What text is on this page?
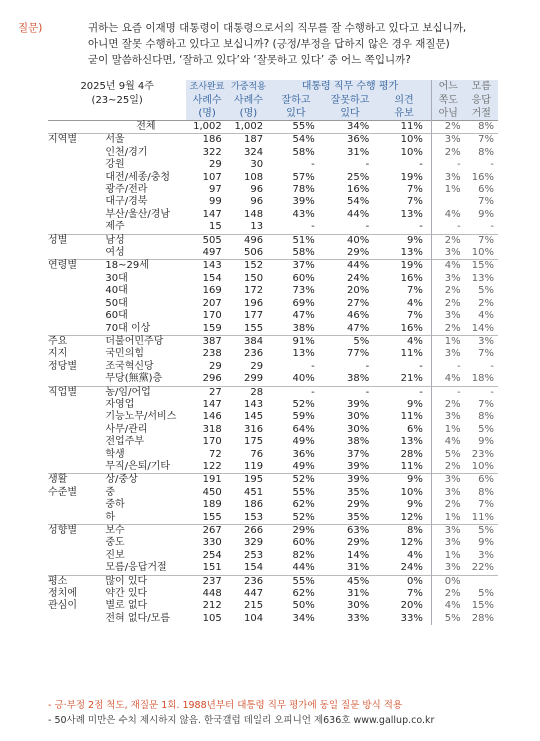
질문)	귀하는 요즘 이재명 대통령이 대통령으로서의 직무를 잘 수행하고 있다고 보십니까,
아니면 잘못 수행하고 있다고 보십니까? (긍정/부정을 답하지 않은 경우 재질문)
굳이 말씀하신다면, ‘잘하고 있다’와 ‘잘못하고 있다’ 중 어느 쪽입니까?
2025년 9월 4주		조사완료	가중적용	대통령 직무 수행 평가			어느	모름
(23~25일)		사례수	사례수	잘하고	잘못하고	의견	쪽도	응답
		(명)	(명)	있다	있다	유보	아님	거절
	전체	1,002	1,002	55%	34%	11%	2%	8%
지역별	서울	186	187	54%	36%	10%	3%	7%
	인천/경기	322	324	58%	31%	10%	2%	8%
	강원	29	30	-	-	-	-	-
	대전/세종/충청	107	108	57%	25%	19%	3%	16%
	광주/전라	97	96	78%	16%	7%	1%	6%
	대구/경북	99	96	39%	54%	7%		7%
	부산/울산/경남	147	148	43%	44%	13%	4%	9%
	제주	15	13	-	-	-	-	-
성별	남성	505	496	51%	40%	9%	2%	7%
	여성	497	506	58%	29%	13%	3%	10%
연령별	18~29세	143	152	37%	44%	19%	4%	15%
	30대	154	150	60%	24%	16%	3%	13%
	40대	169	172	73%	20%	7%	2%	5%
	50대	207	196	69%	27%	4%	2%	2%
	60대	170	177	47%	46%	7%	3%	4%
	70대 이상	159	155	38%	47%	16%	2%	14%
주요	더불어민주당	387	384	91%	5%	4%	1%	3%
지지	국민의힘	238	236	13%	77%	11%	3%	7%
정당별	조국혁신당	29	29	-	-	-	-	-
	무당(無黨)층	296	299	40%	38%	21%	4%	18%
직업별	농/임/어업	27	28	-	-	-	-	-
	자영업	147	143	52%	39%	9%	2%	7%
	기능노무/서비스	146	145	59%	30%	11%	3%	8%
	사무/관리	318	316	64%	30%	6%	1%	5%
	전업주부	170	175	49%	38%	13%	4%	9%
	학생	72	76	36%	37%	28%	5%	23%
	무직/은퇴/기타	122	119	49%	39%	11%	2%	10%
생활	상/중상	191	195	52%	39%	9%	3%	6%
수준별	중	450	451	55%	35%	10%	3%	8%
	중하	189	186	62%	29%	9%	2%	7%
	하	155	153	52%	35%	12%	1%	11%
성향별	보수	267	266	29%	63%	8%	3%	5%
	중도	330	329	60%	29%	12%	3%	9%
	진보	254	253	82%	14%	4%	1%	3%
	모름/응답거절	151	154	44%	31%	24%	3%	22%
평소	많이 있다	237	236	55%	45%	0%	0%	
정치에	약간 있다	448	447	62%	31%	7%	2%	5%
관심이	별로 없다	212	215	50%	30%	20%	4%	15%
	전혀 없다/모름	105	104	34%	33%	33%	5%	28%
- 긍·부정 2점 척도, 재질문 1회. 1988년부터 대통령 직무 평가에 동일 질문 방식 적용
- 50사례 미만은 수치 제시하지 않음. 한국갤럽 데일리 오피니언 제636호 www.gallup.co.kr
